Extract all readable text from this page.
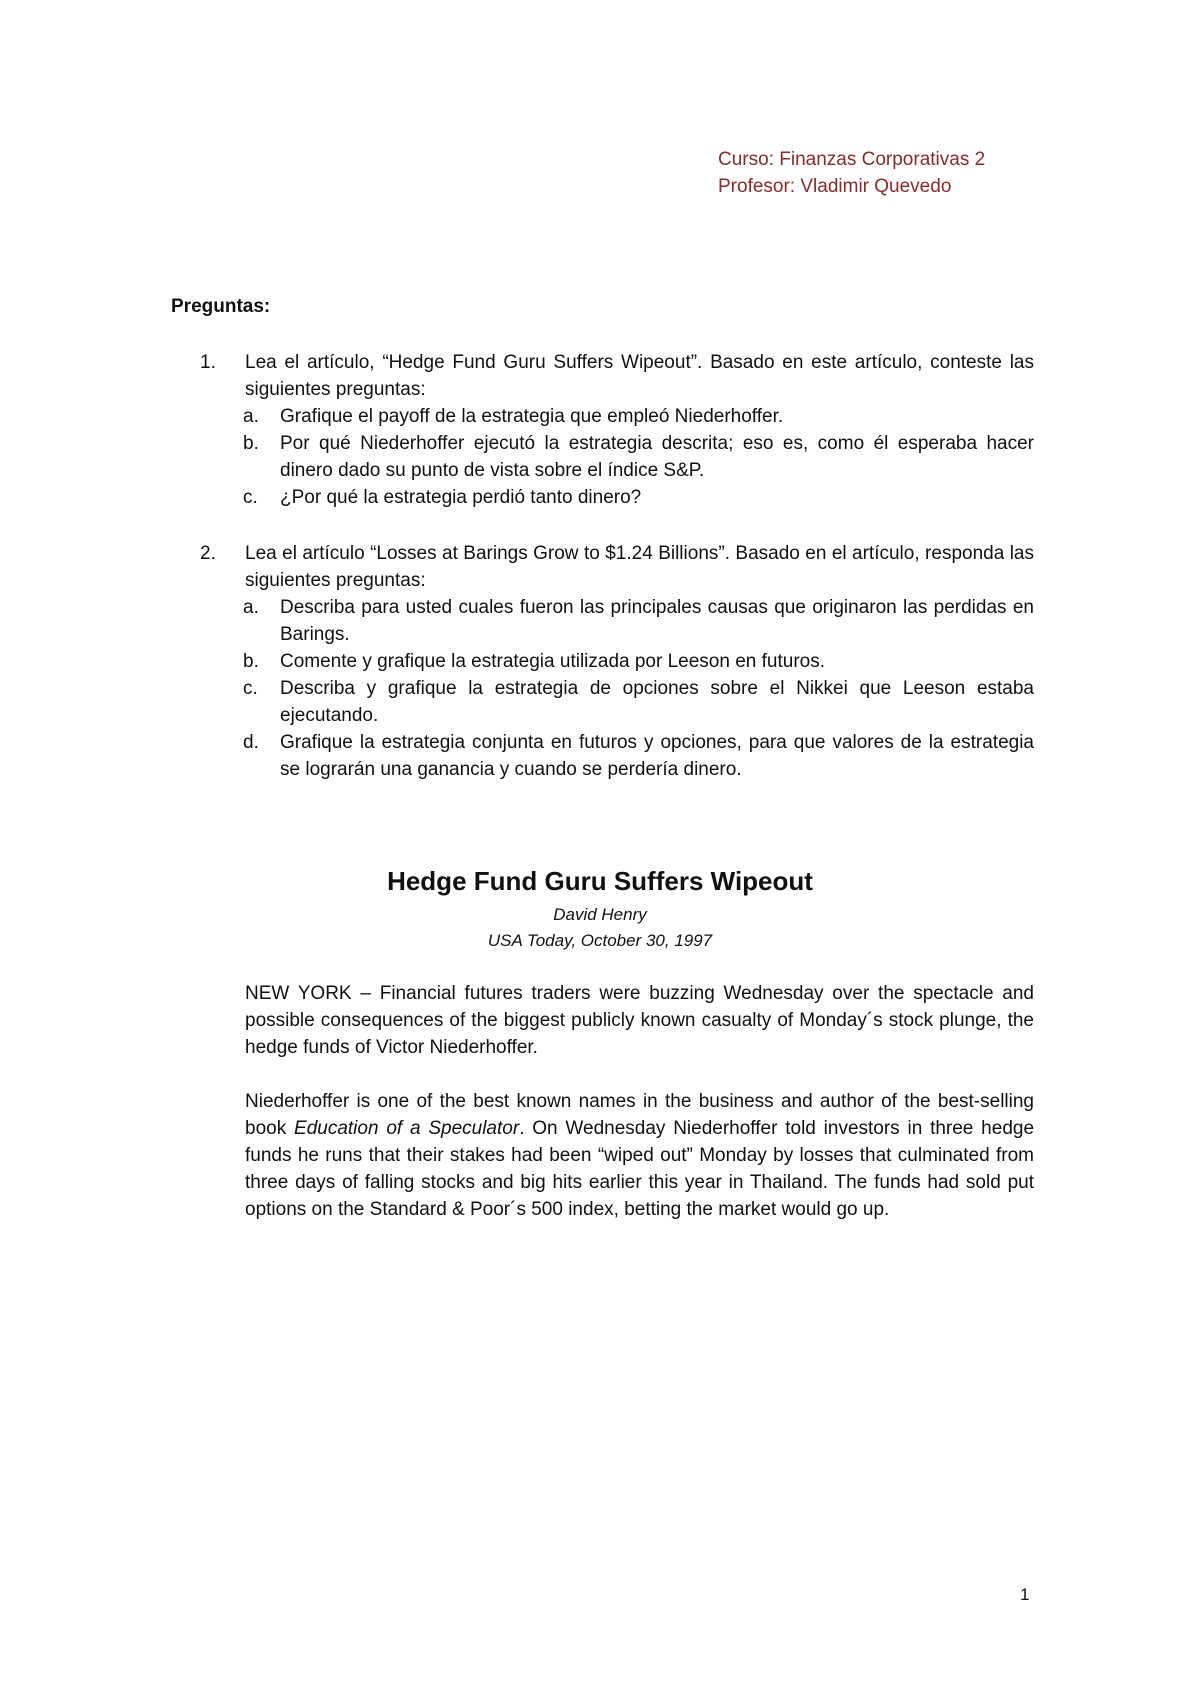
Curso: Finanzas Corporativas 2
Profesor: Vladimir Quevedo
Preguntas:
1.	Lea el artículo, “Hedge Fund Guru Suffers Wipeout”. Basado en este artículo, conteste las siguientes preguntas:
a. Grafique el payoff de la estrategia que empleó Niederhoffer.
b. Por qué Niederhoffer ejecutó la estrategia descrita; eso es, como él esperaba hacer dinero dado su punto de vista sobre el índice S&P.
c. ¿Por qué la estrategia perdió tanto dinero?
2.	Lea el artículo “Losses at Barings Grow to $1.24 Billions”. Basado en el artículo, responda las siguientes preguntas:
a. Describa para usted cuales fueron las principales causas que originaron las perdidas en Barings.
b. Comente y grafique la estrategia utilizada por Leeson en futuros.
c. Describa y grafique la estrategia de opciones sobre el Nikkei que Leeson estaba ejecutando.
d. Grafique la estrategia conjunta en futuros y opciones, para que valores de la estrategia se lograrán una ganancia y cuando se perdería dinero.
Hedge Fund Guru Suffers Wipeout
David Henry
USA Today, October 30, 1997
NEW YORK – Financial futures traders were buzzing Wednesday over the spectacle and possible consequences of the biggest publicly known casualty of Monday´s stock plunge, the hedge funds of Victor Niederhoffer.
Niederhoffer is one of the best known names in the business and author of the best-selling book Education of a Speculator. On Wednesday Niederhoffer told investors in three hedge funds he runs that their stakes had been “wiped out” Monday by losses that culminated from three days of falling stocks and big hits earlier this year in Thailand. The funds had sold put options on the Standard & Poor´s 500 index, betting the market would go up.
1
